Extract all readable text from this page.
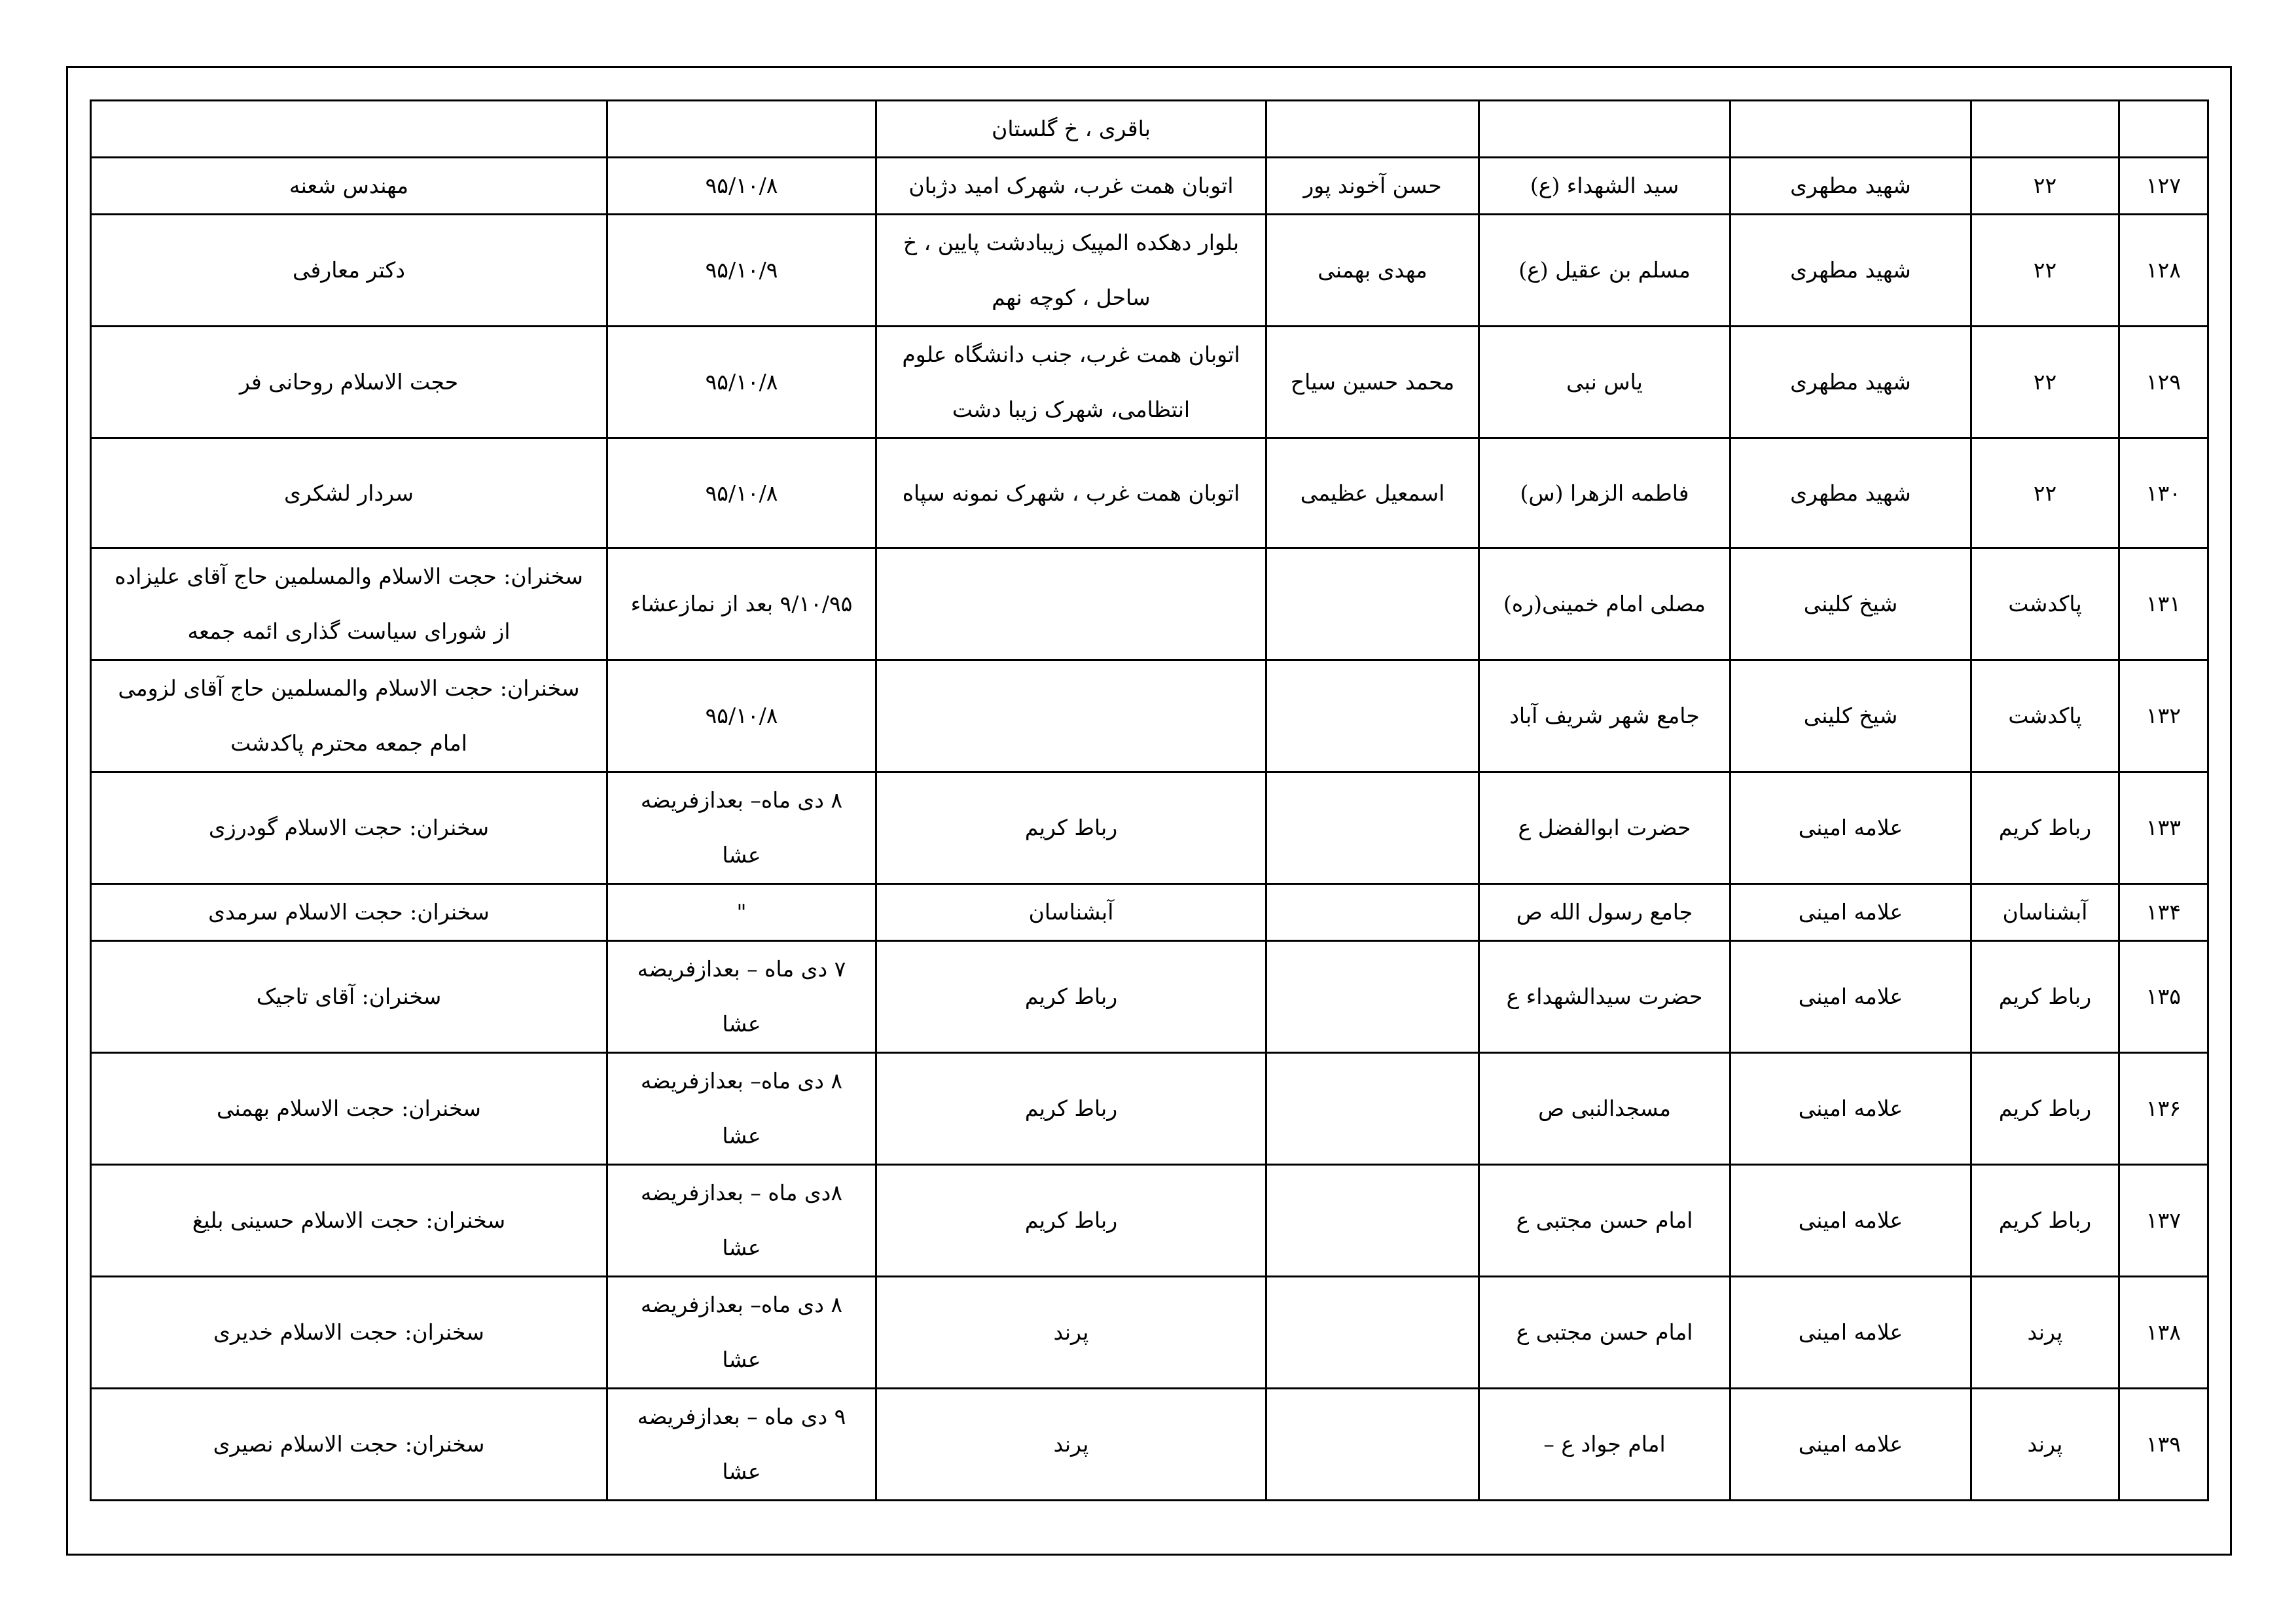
					باقری ، خ گلستان		
۱۲۷	۲۲	شهید مطهری	سید الشهداء (ع)	حسن آخوند پور	اتوبان همت غرب، شهرک امید دژبان	۹۵/۱۰/۸	مهندس شعنه
۱۲۸	۲۲	شهید مطهری	مسلم بن عقیل (ع)	مهدی بهمنی	بلوار دهکده المپیک زیبادشت پایین ، خ ساحل ، کوچه نهم	۹۵/۱۰/۹	دکتر معارفی
۱۲۹	۲۲	شهید مطهری	یاس نبی	محمد حسین سیاح	اتوبان همت غرب، جنب دانشگاه علوم انتظامی، شهرک زیبا دشت	۹۵/۱۰/۸	حجت الاسلام روحانی فر
۱۳۰	۲۲	شهید مطهری	فاطمه الزهرا (س)	اسمعیل عظیمی	اتوبان همت غرب ، شهرک نمونه سپاه	۹۵/۱۰/۸	سردار لشکری
۱۳۱	پاکدشت	شیخ کلینی	مصلی امام خمینی(ره)			۹/۱۰/۹۵ بعد از نمازعشاء	سخنران: حجت الاسلام والمسلمین حاج آقای علیزاده از شورای سیاست گذاری ائمه جمعه
۱۳۲	پاکدشت	شیخ کلینی	جامع شهر شریف آباد			۹۵/۱۰/۸	سخنران: حجت الاسلام والمسلمین حاج آقای لزومی امام جمعه محترم پاکدشت
۱۳۳	رباط کریم	علامه امینی	حضرت ابوالفضل ع		رباط کریم	۸ دی ماه– بعدازفریضه عشا	سخنران: حجت الاسلام گودرزی
۱۳۴	آبشناسان	علامه امینی	جامع رسول الله ص		آبشناسان	"	سخنران: حجت الاسلام سرمدی
۱۳۵	رباط کریم	علامه امینی	حضرت سیدالشهداء ع		رباط کریم	۷ دی ماه – بعدازفریضه عشا	سخنران: آقای تاجیک
۱۳۶	رباط کریم	علامه امینی	مسجدالنبی ص		رباط کریم	۸ دی ماه– بعدازفریضه عشا	سخنران: حجت الاسلام بهمنی
۱۳۷	رباط کریم	علامه امینی	امام حسن مجتبی ع		رباط کریم	۸دی ماه – بعدازفریضه عشا	سخنران: حجت الاسلام حسینی بلیغ
۱۳۸	پرند	علامه امینی	امام حسن مجتبی ع		پرند	۸ دی ماه– بعدازفریضه عشا	سخنران: حجت الاسلام خدیری
۱۳۹	پرند	علامه امینی	امام جواد ع –		پرند	۹ دی ماه – بعدازفریضه عشا	سخنران: حجت الاسلام نصیری
